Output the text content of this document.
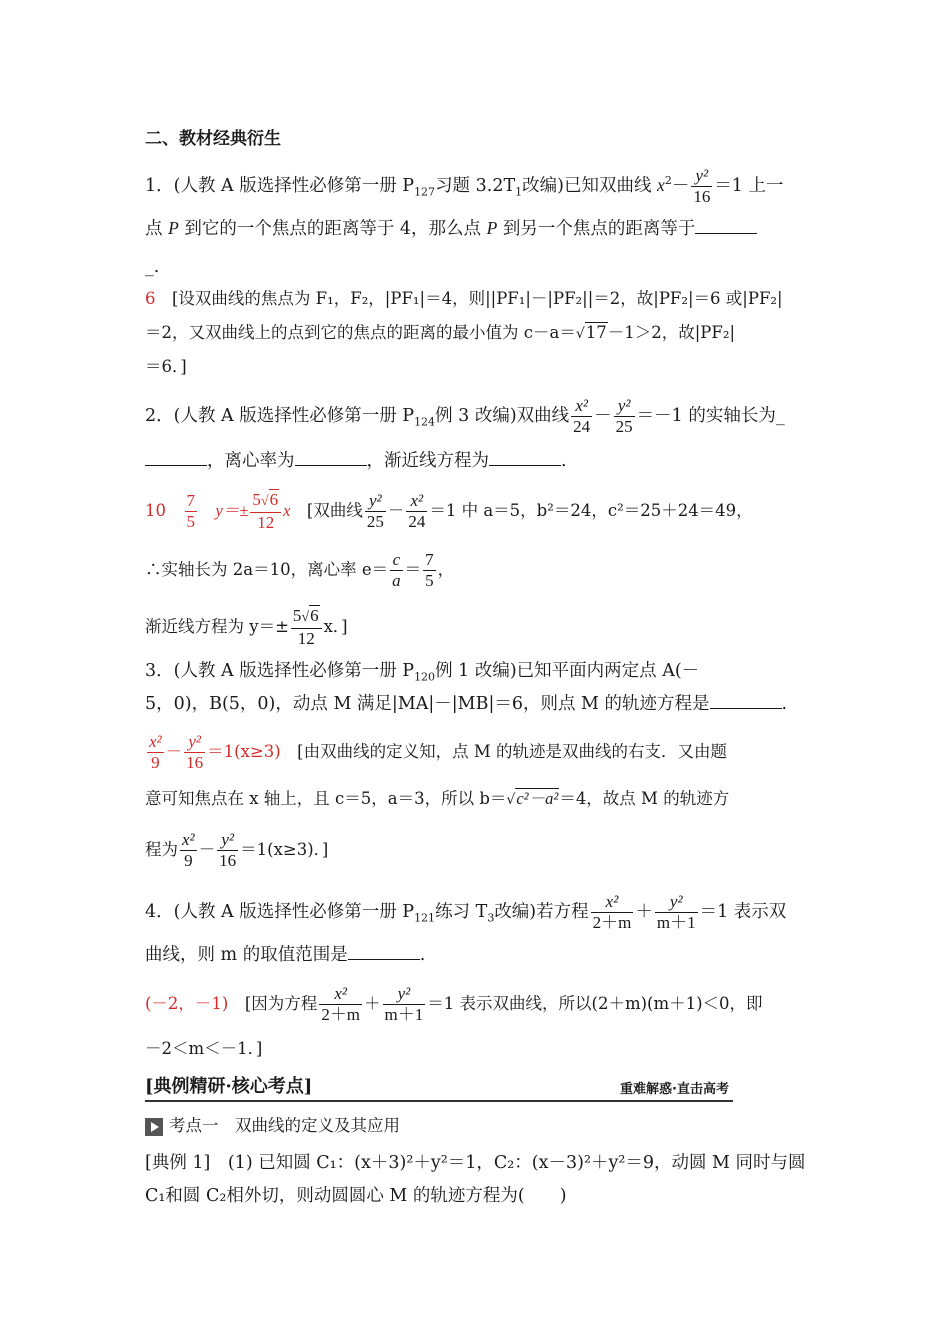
二、教材经典衍生
1．(人教 A 版选择性必修第一册 $P_{127}$习题 $3.2T_1$改编)已知双曲线 $x^2- \frac{\text{y²}}{16} =1$ 上一
点 P 到它的一个焦点的距离等于 4，那么点 P 到另一个焦点的距离等于
_.
6　 [设双曲线的焦点为 F₁，F₂，|PF₁|＝4，则||PF₁|－|PF₂||＝2，故|PF₂|＝6 或|PF₂|
＝2，又双曲线上的点到它的焦点的距离的最小值为 c－a＝√17－1＞2，故|PF₂|
＝6．]
2．(人教 A 版选择性必修第一册 $P_{124}$例 3 改编)双曲线 $\frac{\text{x²}}{24} - \frac{\text{y²}}{25} =-1$ 的实轴长为_
，离心率为	，渐近线方程为	.
10　 $\frac{7}{5}$
　 $y=\pm \frac{5√6}{12}$ x　 [双曲线 $\frac{\text{y²}}{25} - \frac{\text{x²}}{24} =1$ 中 a＝5，b²＝24，c²＝25＋24＝49，
∴实轴长为 2a＝10，离心率 $e= \frac{c}{a} = \frac{7}{5}$ ，
渐近线方程为 $y=\pm \frac{5√6}{12}$ x．]
3．(人教 A 版选择性必修第一册 $P_{120}$例 1 改编)已知平面内两定点 A(－
5，0)，B(5，0)，动点 M 满足|MA|－|MB|＝6，则点 M 的轨迹方程是	.
$\frac{\text{x²}}{9} - \frac{\text{y²}}{16} =1(x\ge 3)$　 [由双曲线的定义知，点 M 的轨迹是双曲线的右支．又由题
意可知焦点在 x 轴上，且 c＝5，a＝3，所以 b＝√c²－a²＝4，故点 M 的轨迹方
程为 $\frac{\text{x²}}{9} - \frac{\text{y²}}{16} =1(x\ge 3)$．]
4．(人教 A 版选择性必修第一册 $P_{121}$练习 $T_3$改编)若方程 $\frac{\text{x²}}{2+m} + \frac{\text{y²}}{m+1} =1$ 表示双
曲线，则 m 的取值范围是	.
(－2，－1)　 [因为方程 $\frac{\text{x²}}{2+m} + \frac{\text{y²}}{m+1} =1$ 表示双曲线，所以(2＋m)(m＋1)＜0，即
－2＜m＜－1．]
[典例精研·核心考点]	重难解惑·直击高考
考点一　双曲线的定义及其应用
[典例 1]　(1) 已知圆 C₁：(x＋3)²＋y²＝1，C₂：(x－3)²＋y²＝9，动圆 M 同时与圆
C₁和圆 C₂相外切，则动圆圆心 M 的轨迹方程为(　　)
